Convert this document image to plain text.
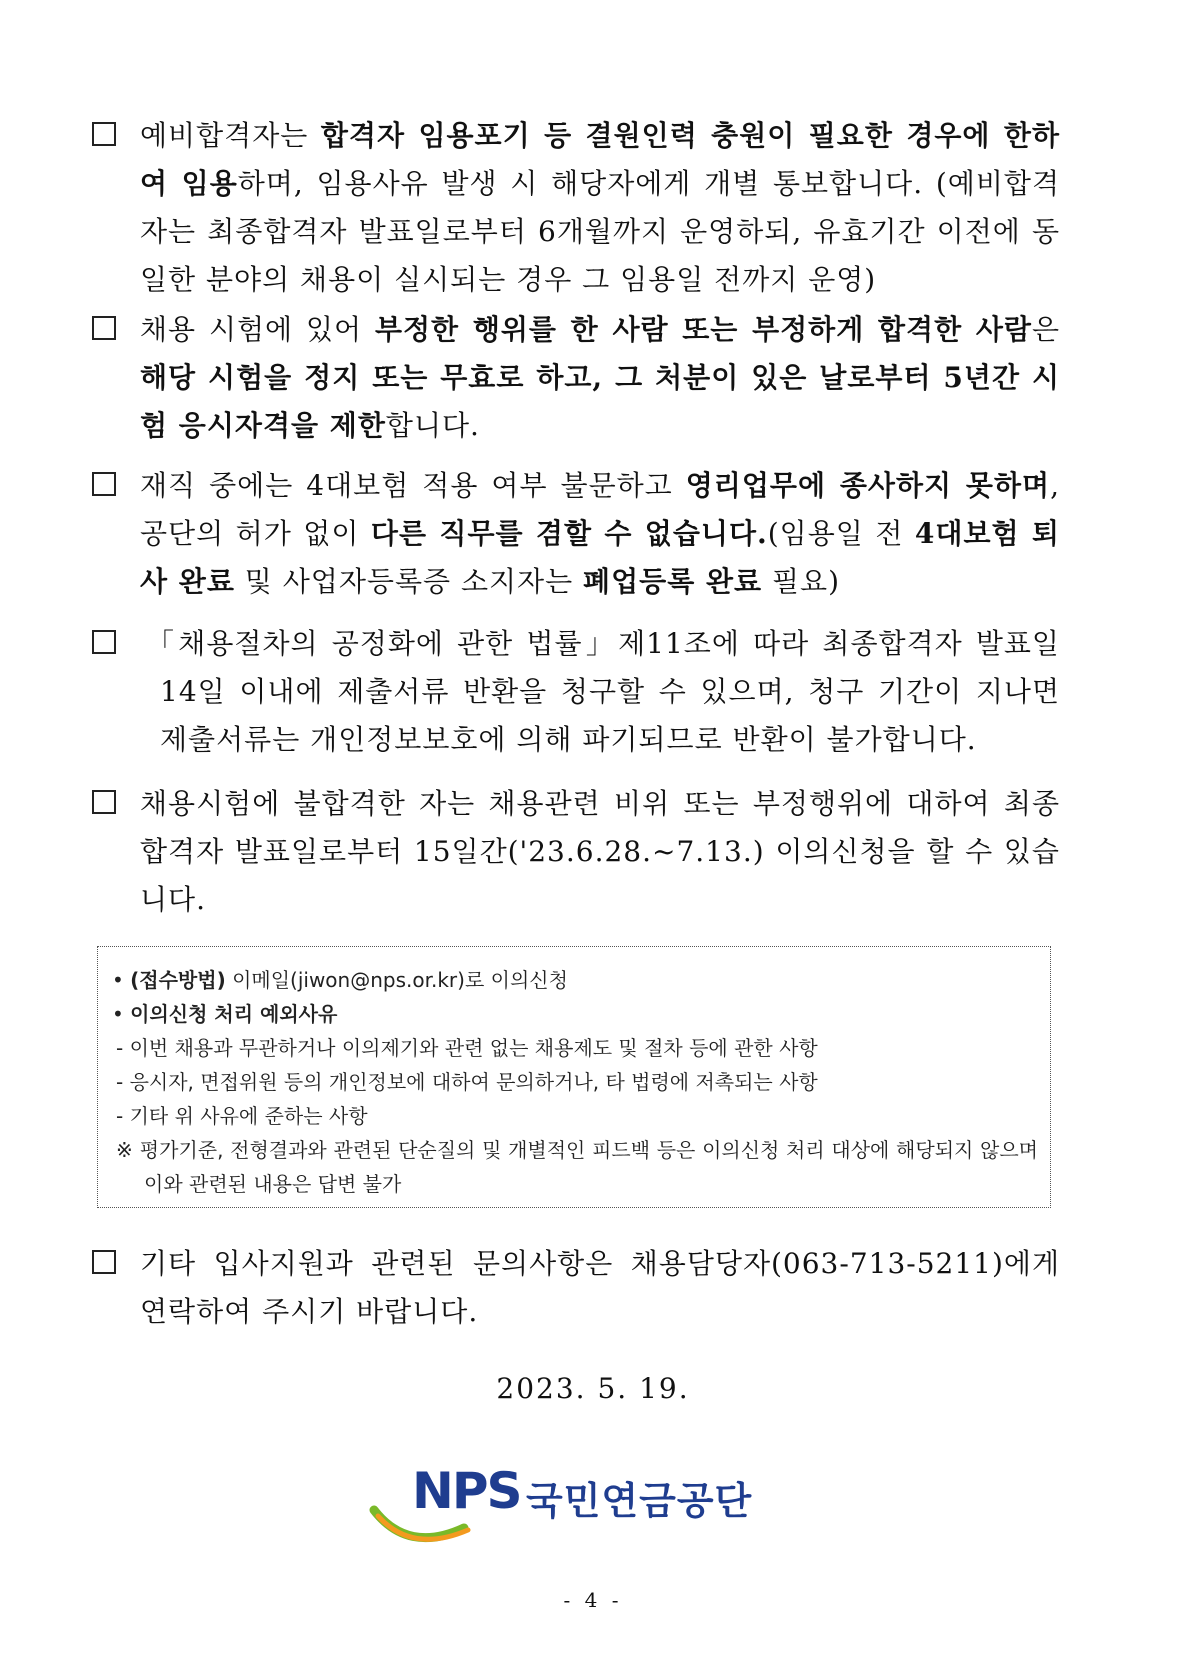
예비합격자는 합격자 임용포기 등 결원인력 충원이 필요한 경우에 한하여 임용하며, 임용사유 발생 시 해당자에게 개별 통보합니다. (예비합격자는 최종합격자 발표일로부터 6개월까지 운영하되, 유효기간 이전에 동일한 분야의 채용이 실시되는 경우 그 임용일 전까지 운영)
채용 시험에 있어 부정한 행위를 한 사람 또는 부정하게 합격한 사람은 해당 시험을 정지 또는 무효로 하고, 그 처분이 있은 날로부터 5년간 시험 응시자격을 제한합니다.
재직 중에는 4대보험 적용 여부 불문하고 영리업무에 종사하지 못하며, 공단의 허가 없이 다른 직무를 겸할 수 없습니다.(임용일 전 4대보험 퇴사 완료 및 사업자등록증 소지자는 폐업등록 완료 필요)
「채용절차의 공정화에 관한 법률」제11조에 따라 최종합격자 발표일 14일 이내에 제출서류 반환을 청구할 수 있으며, 청구 기간이 지나면 제출서류는 개인정보보호에 의해 파기되므로 반환이 불가합니다.
채용시험에 불합격한 자는 채용관련 비위 또는 부정행위에 대하여 최종합격자 발표일로부터 15일간('23.6.28.~7.13.) 이의신청을 할 수 있습니다.
• (접수방법) 이메일(jiwon@nps.or.kr)로 이의신청
• 이의신청 처리 예외사유
- 이번 채용과 무관하거나 이의제기와 관련 없는 채용제도 및 절차 등에 관한 사항
- 응시자, 면접위원 등의 개인정보에 대하여 문의하거나, 타 법령에 저촉되는 사항
- 기타 위 사유에 준하는 사항
※ 평가기준, 전형결과와 관련된 단순질의 및 개별적인 피드백 등은 이의신청 처리 대상에 해당되지 않으며 이와 관련된 내용은 답변 불가
기타 입사지원과 관련된 문의사항은 채용담당자(063-713-5211)에게 연락하여 주시기 바랍니다.
2023. 5. 19.
NPS 국민연금공단
- 4 -
